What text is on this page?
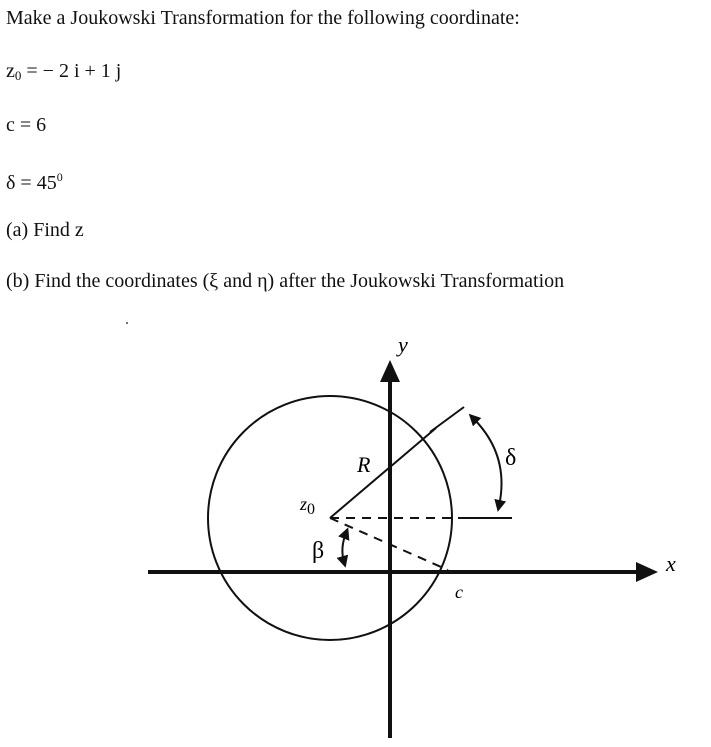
Make a Joukowski Transformation for the following coordinate:
$z_0$ = − 2 i + 1 j
c = 6
$\delta = 45^0$
(a) Find z
(b) Find the coordinates (ξ and η) after the Joukowski Transformation
y
x
R	δ
β
c
z0
